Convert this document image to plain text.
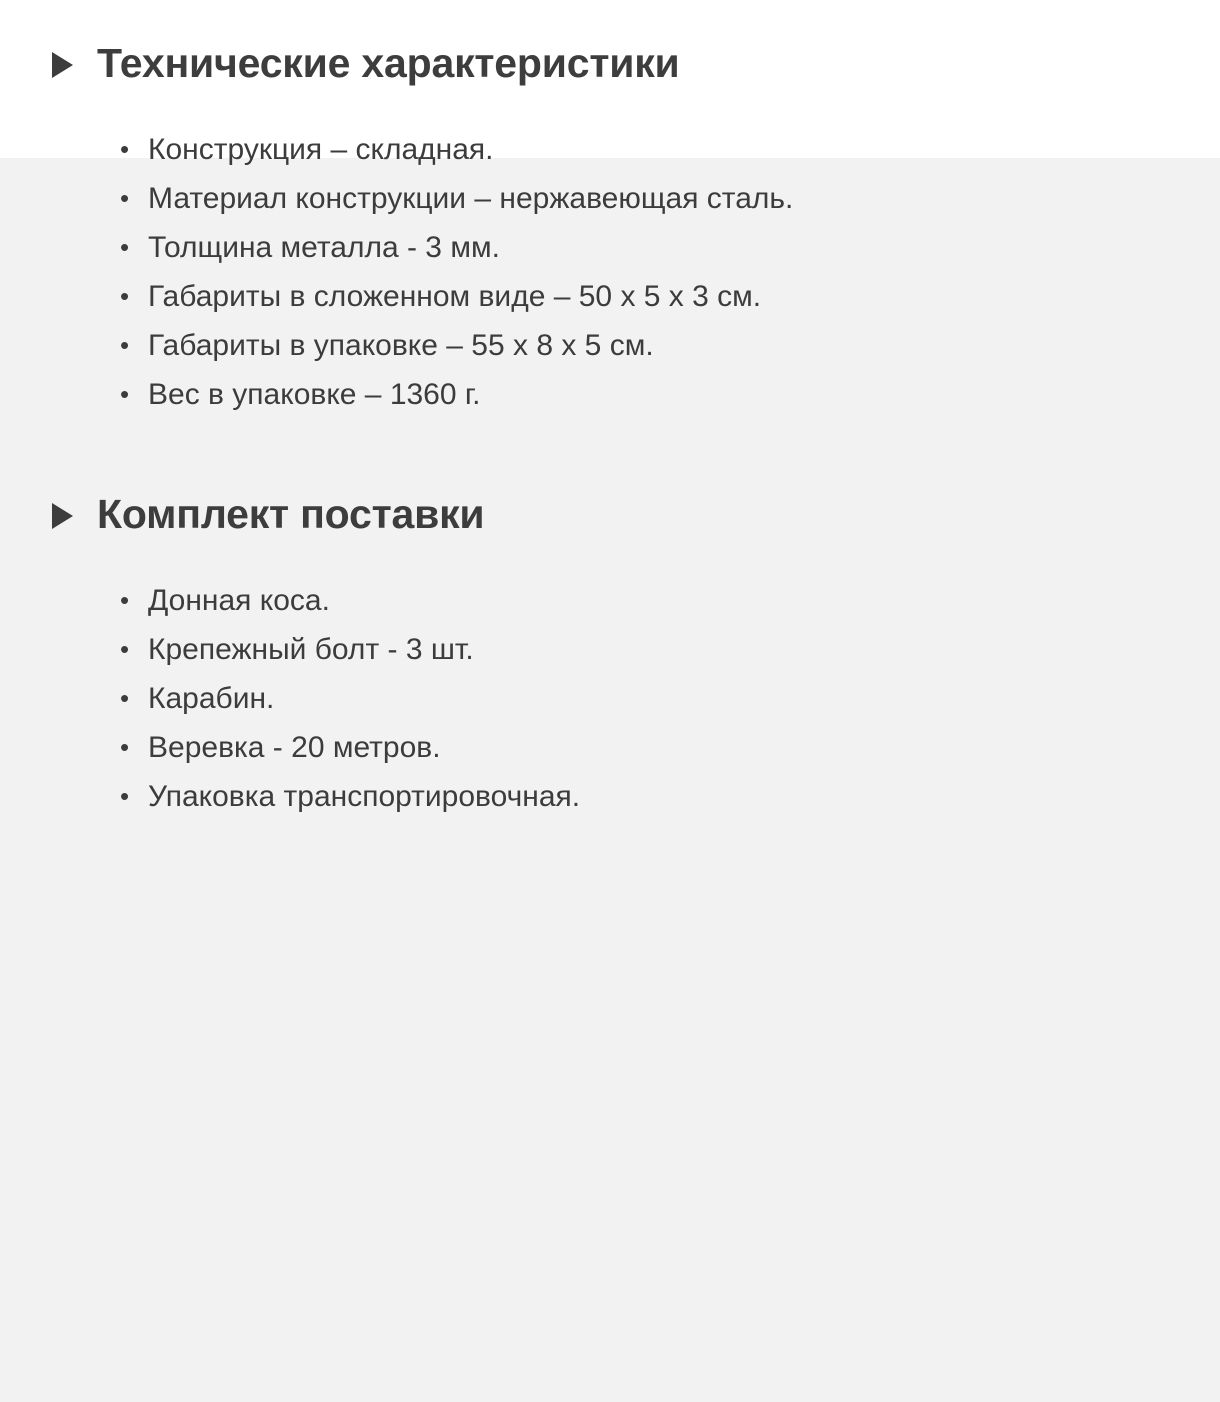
Технические характеристики
• Конструкция – складная.
• Материал конструкции – нержавеющая сталь.
• Толщина металла - 3 мм.
• Габариты в сложенном виде – 50 x 5 x 3 см.
• Габариты в упаковке – 55 x 8 x 5 см.
• Вес в упаковке – 1360 г.
Комплект поставки
• Донная коса.
• Крепежный болт - 3 шт.
• Карабин.
• Веревка - 20 метров.
• Упаковка транспортировочная.
